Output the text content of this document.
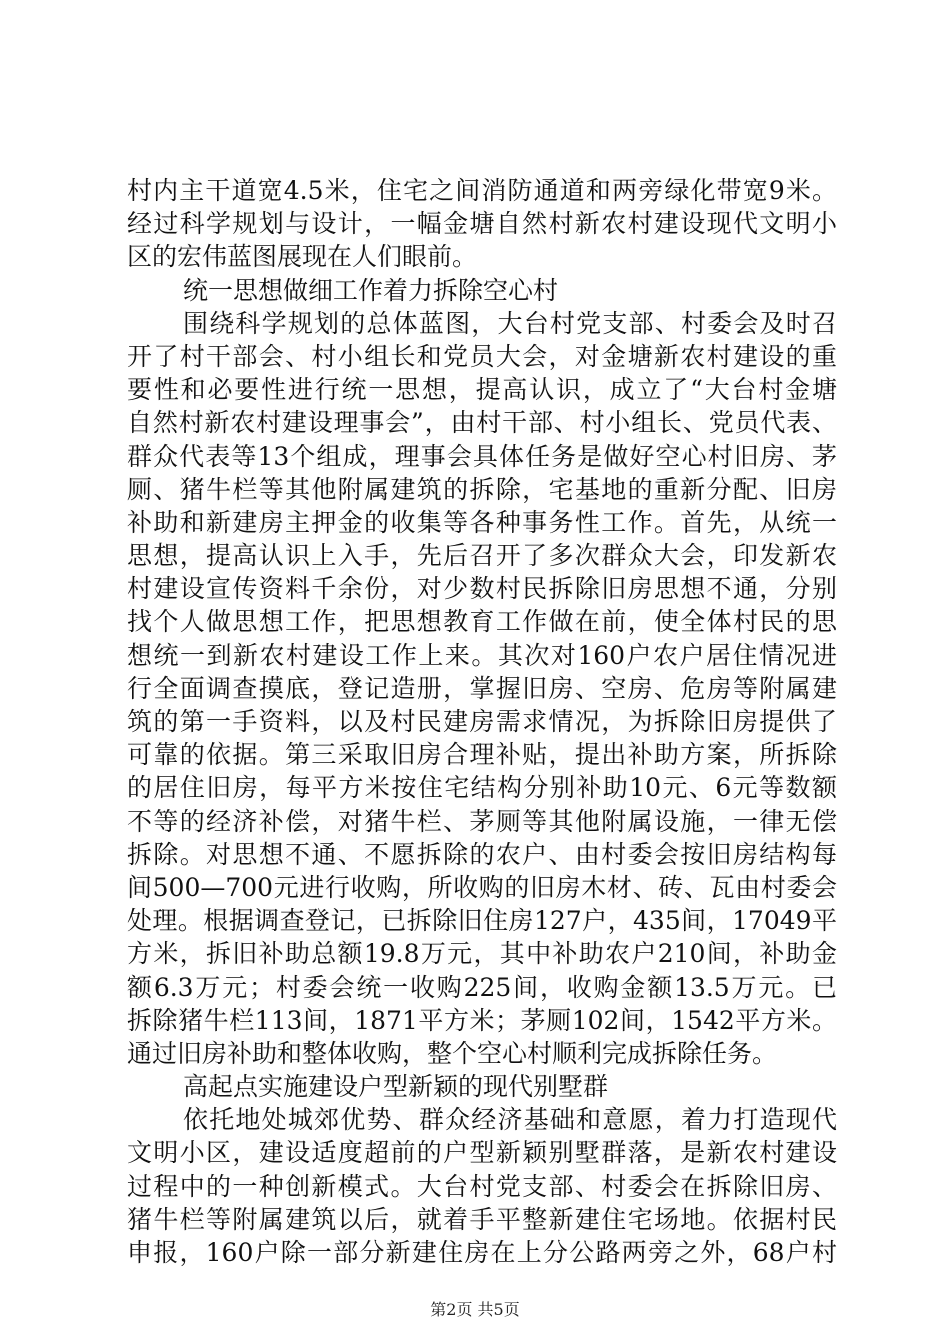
村内主干道宽4.5米，住宅之间消防通道和两旁绿化带宽9米。
经过科学规划与设计，一幅金塘自然村新农村建设现代文明小
区的宏伟蓝图展现在人们眼前。
统一思想做细工作着力拆除空心村
围绕科学规划的总体蓝图，大台村党支部、村委会及时召
开了村干部会、村小组长和党员大会，对金塘新农村建设的重
要性和必要性进行统一思想，提高认识，成立了“大台村金塘
自然村新农村建设理事会”，由村干部、村小组长、党员代表、
群众代表等13个组成，理事会具体任务是做好空心村旧房、茅
厕、猪牛栏等其他附属建筑的拆除，宅基地的重新分配、旧房
补助和新建房主押金的收集等各种事务性工作。首先，从统一
思想，提高认识上入手，先后召开了多次群众大会，印发新农
村建设宣传资料千余份，对少数村民拆除旧房思想不通，分别
找个人做思想工作，把思想教育工作做在前，使全体村民的思
想统一到新农村建设工作上来。其次对160户农户居住情况进
行全面调查摸底，登记造册，掌握旧房、空房、危房等附属建
筑的第一手资料，以及村民建房需求情况，为拆除旧房提供了
可靠的依据。第三采取旧房合理补贴，提出补助方案，所拆除
的居住旧房，每平方米按住宅结构分别补助10元、6元等数额
不等的经济补偿，对猪牛栏、茅厕等其他附属设施，一律无偿
拆除。对思想不通、不愿拆除的农户、由村委会按旧房结构每
间500—700元进行收购，所收购的旧房木材、砖、瓦由村委会
处理。根据调查登记，已拆除旧住房127户，435间，17049平
方米，拆旧补助总额19.8万元，其中补助农户210间，补助金
额6.3万元；村委会统一收购225间，收购金额13.5万元。已
拆除猪牛栏113间，1871平方米；茅厕102间，1542平方米。
通过旧房补助和整体收购，整个空心村顺利完成拆除任务。
高起点实施建设户型新颖的现代别墅群
依托地处城郊优势、群众经济基础和意愿，着力打造现代
文明小区，建设适度超前的户型新颖别墅群落，是新农村建设
过程中的一种创新模式。大台村党支部、村委会在拆除旧房、
猪牛栏等附属建筑以后，就着手平整新建住宅场地。依据村民
申报，160户除一部分新建住房在上分公路两旁之外，68户村
第2页 共5页
